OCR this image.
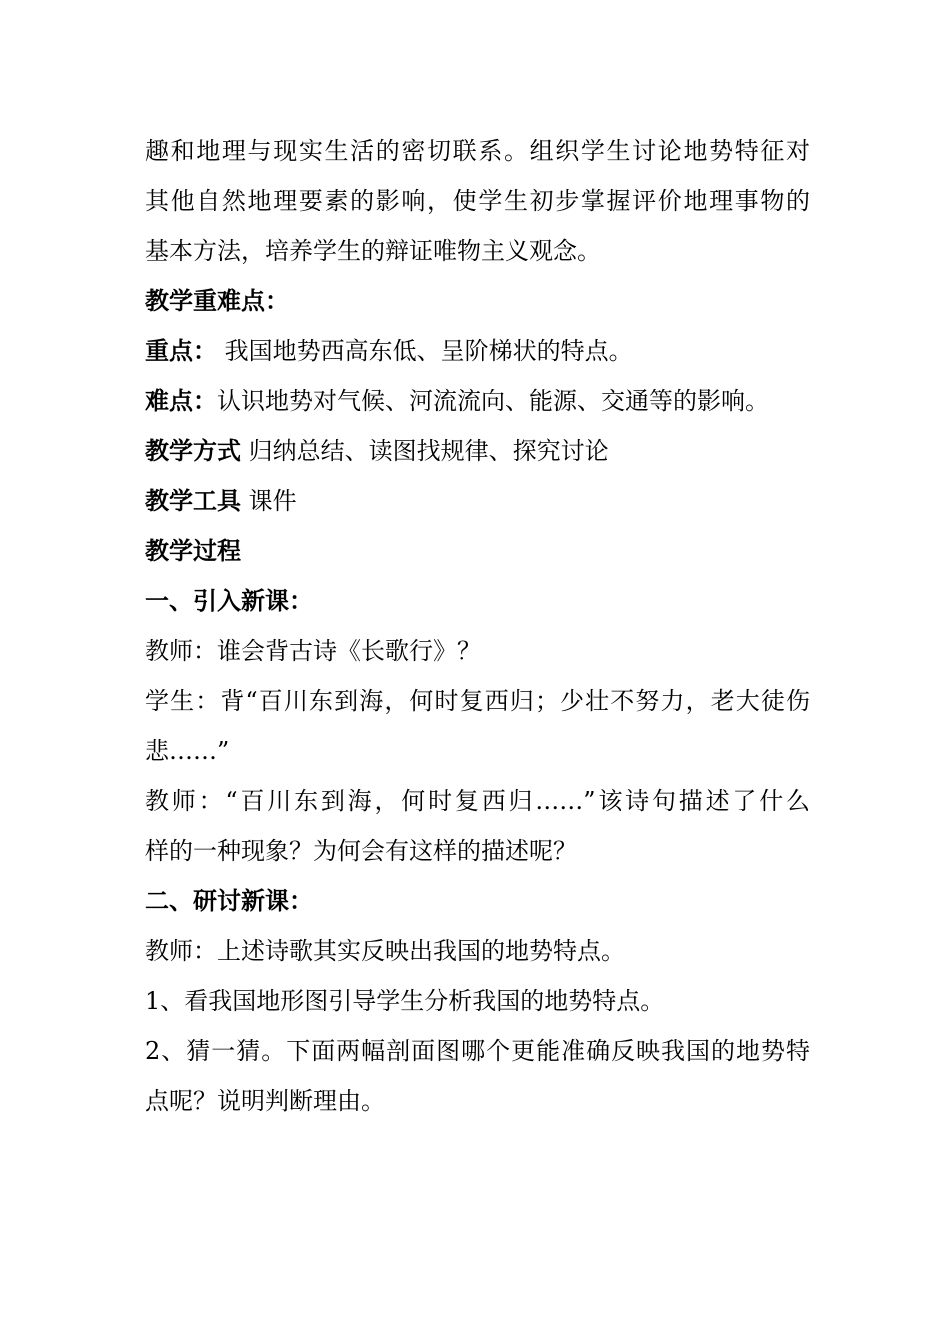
趣和地理与现实生活的密切联系。组织学生讨论地势特征对
其他自然地理要素的影响，使学生初步掌握评价地理事物的
基本方法，培养学生的辩证唯物主义观念。
教学重难点：
重点： 我国地势西高东低、呈阶梯状的特点。
难点：认识地势对气候、河流流向、能源、交通等的影响。
教学方式 归纳总结、读图找规律、探究讨论
教学工具 课件
教学过程
一、引入新课：
教师：谁会背古诗《长歌行》？
学生：背“百川东到海，何时复西归；少壮不努力，老大徒伤
悲……”
教师：“百川东到海，何时复西归……”该诗句描述了什么
样的一种现象？为何会有这样的描述呢？
二、研讨新课：
教师：上述诗歌其实反映出我国的地势特点。
1、看我国地形图引导学生分析我国的地势特点。
2、猜一猜。下面两幅剖面图哪个更能准确反映我国的地势特
点呢？说明判断理由。
